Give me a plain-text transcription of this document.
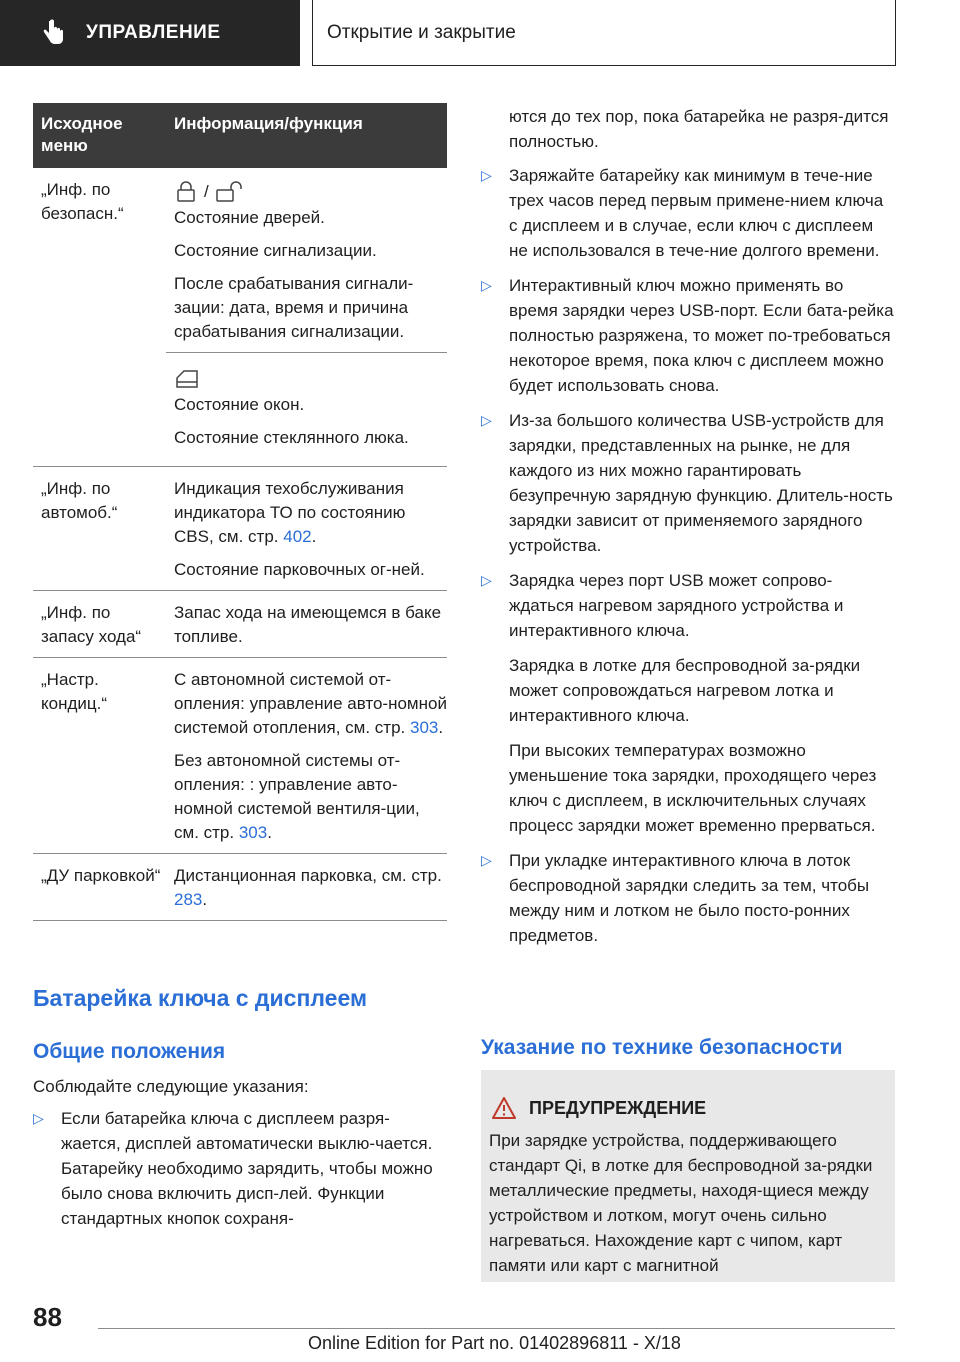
УПРАВЛЕНИЕ	Открытие и закрытие
Исходное меню
Информация/функция
„Инф. по безопасн.“
/

Состояние дверей.

Состояние сигнализации.

После срабатывания сигнали-зации: дата, время и причина срабатывания сигнализации.

Состояние окон.

Состояние стеклянного люка.

„Инф. по автомоб.“

Индикация техобслуживания индикатора ТО по состоянию CBS, см. стр. 402.

Состояние парковочных ог-ней.

„Инф. по запасу хода“

Запас хода на имеющемся в баке топливе.

„Настр. кондиц.“

С автономной системой от-опления: управление авто-номной системой отопления, см. стр. 303.

Без автономной системы от-опления: : управление авто-номной системой вентиля-ции, см. стр. 303.

„ДУ парковкой“ Дистанционная парковка, см. стр. 283.

Батарейка ключа с дисплеем
Общие положения
Соблюдайте следующие указания:
▷ Если батарейка ключа с дисплеем разря-жается, дисплей автоматически выклю-чается. Батарейку необходимо зарядить, чтобы можно было снова включить дисп-лей. Функции стандартных кнопок сохраня-
ются до тех пор, пока батарейка не разря-дится полностью.
▷ Заряжайте батарейку как минимум в тече-ние трех часов перед первым примене-нием ключа с дисплеем и в случае, если ключ с дисплеем не использовался в тече-ние долгого времени.
▷ Интерактивный ключ можно применять во время зарядки через USB-порт. Если бата-рейка полностью разряжена, то может по-требоваться некоторое время, пока ключ с дисплеем можно будет использовать снова.
▷ Из-за большого количества USB-устройств для зарядки, представленных на рынке, не для каждого из них можно гарантировать безупречную зарядную функцию. Длитель-ность зарядки зависит от применяемого зарядного устройства.
▷ Зарядка через порт USB может сопрово-ждаться нагревом зарядного устройства и интерактивного ключа.
Зарядка в лотке для беспроводной за-рядки может сопровождаться нагревом лотка и интерактивного ключа.
При высоких температурах возможно уменьшение тока зарядки, проходящего через ключ с дисплеем, в исключительных случаях процесс зарядки может временно прерваться.
▷ При укладке интерактивного ключа в лоток беспроводной зарядки следить за тем, чтобы между ним и лотком не было посто-ронних предметов.
Указание по технике безопасности
ПРЕДУПРЕЖДЕНИЕ
При зарядке устройства, поддерживающего стандарт Qi, в лотке для беспроводной за-рядки металлические предметы, находя-щиеся между устройством и лотком, могут очень сильно нагреваться. Нахождение карт с чипом, карт памяти или карт с магнитной
88
Online Edition for Part no. 01402896811 - X/18
